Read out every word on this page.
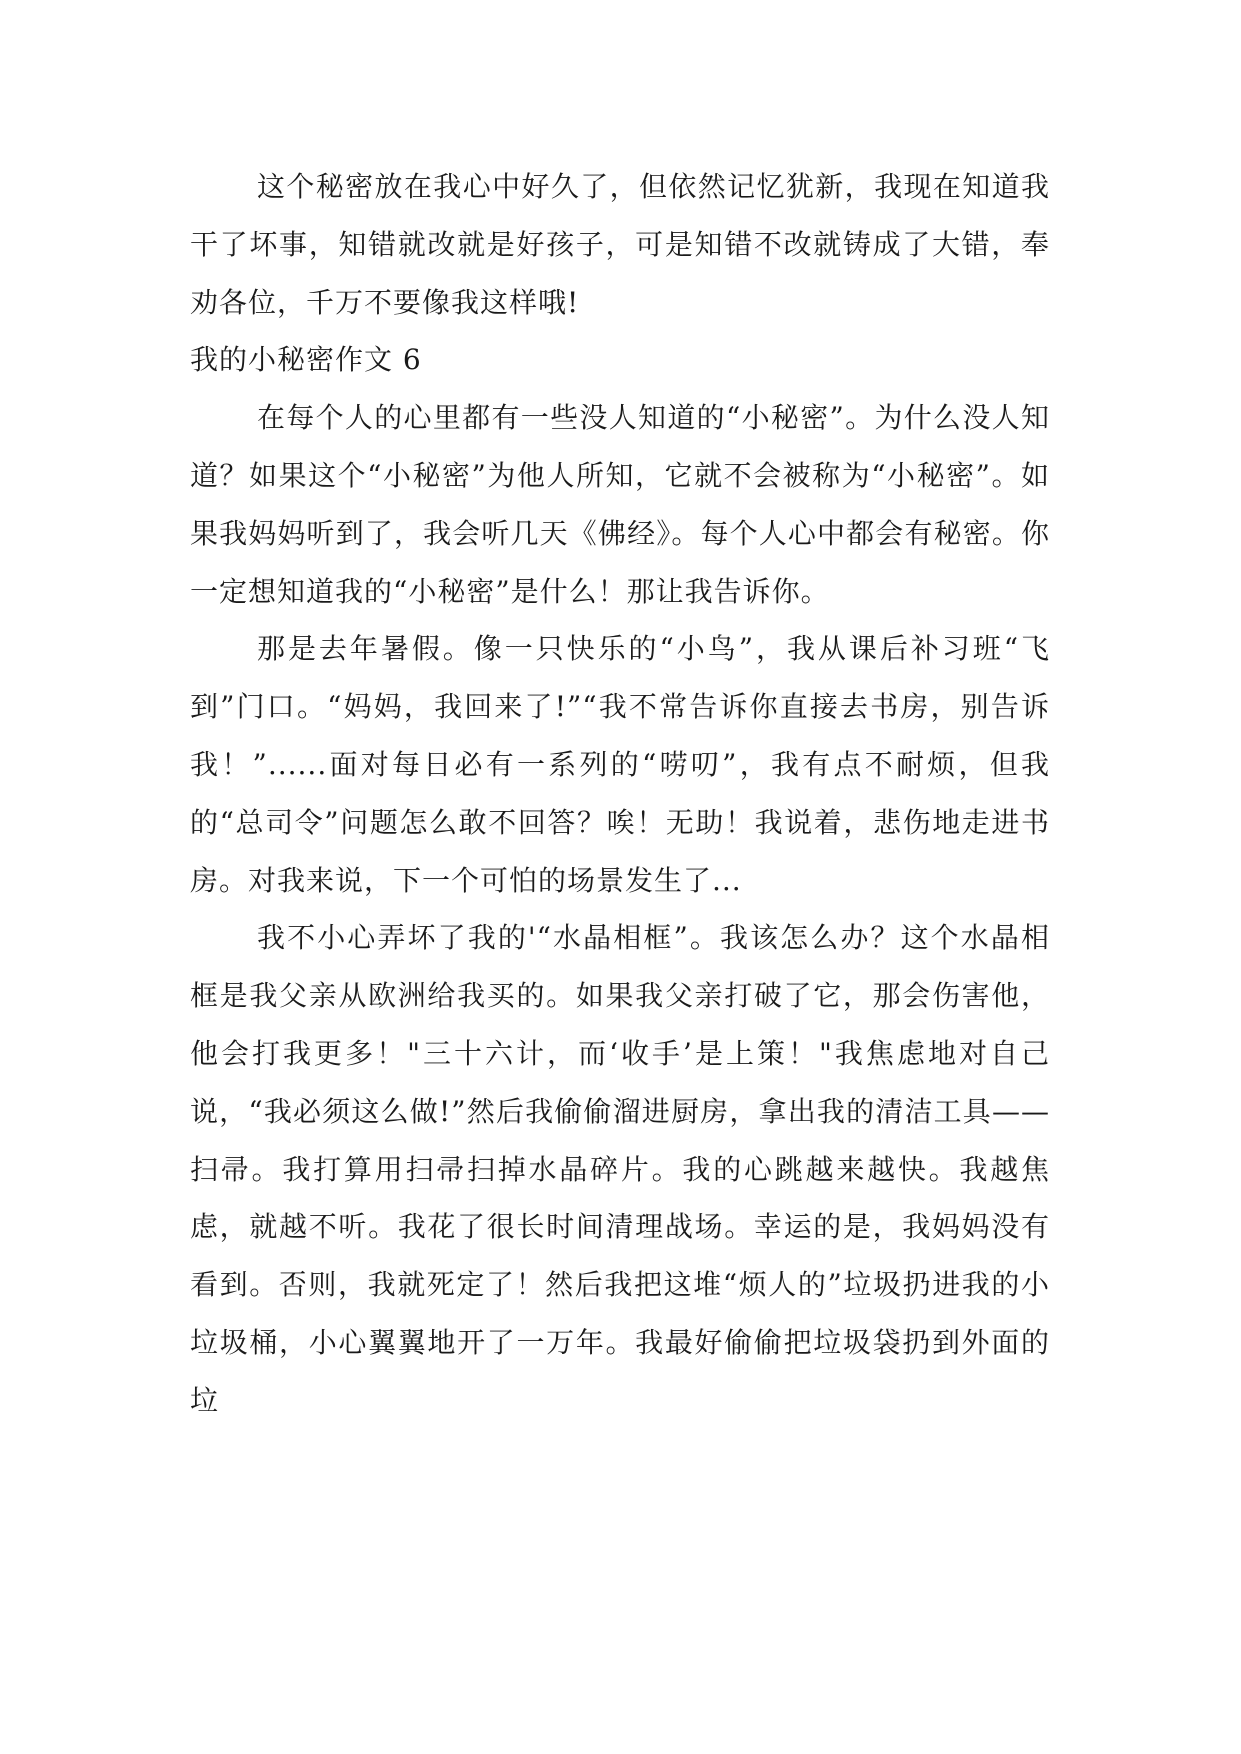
这个秘密放在我心中好久了，但依然记忆犹新，我现在知道我干了坏事，知错就改就是好孩子，可是知错不改就铸成了大错，奉劝各位，千万不要像我这样哦!

我的小秘密作文 6

在每个人的心里都有一些没人知道的“小秘密”。为什么没人知道？如果这个“小秘密”为他人所知，它就不会被称为“小秘密”。如果我妈妈听到了，我会听几天《佛经》。每个人心中都会有秘密。你一定想知道我的“小秘密”是什么！那让我告诉你。

那是去年暑假。像一只快乐的“小鸟”，我从课后补习班“飞到”门口。“妈妈，我回来了!”“我不常告诉你直接去书房，别告诉我！”......面对每日必有一系列的“唠叨”，我有点不耐烦，但我的“总司令”问题怎么敢不回答？唉！无助！我说着，悲伤地走进书房。对我来说，下一个可怕的场景发生了...

我不小心弄坏了我的'“水晶相框”。我该怎么办？这个水晶相框是我父亲从欧洲给我买的。如果我父亲打破了它，那会伤害他，他会打我更多！"三十六计，而‘收手’是上策！"我焦虑地对自己说，“我必须这么做!”然后我偷偷溜进厨房，拿出我的清洁工具——扫帚。我打算用扫帚扫掉水晶碎片。我的心跳越来越快。我越焦虑，就越不听。我花了很长时间清理战场。幸运的是，我妈妈没有看到。否则，我就死定了！然后我把这堆“烦人的”垃圾扔进我的小垃圾桶，小心翼翼地开了一万年。我最好偷偷把垃圾袋扔到外面的垃
